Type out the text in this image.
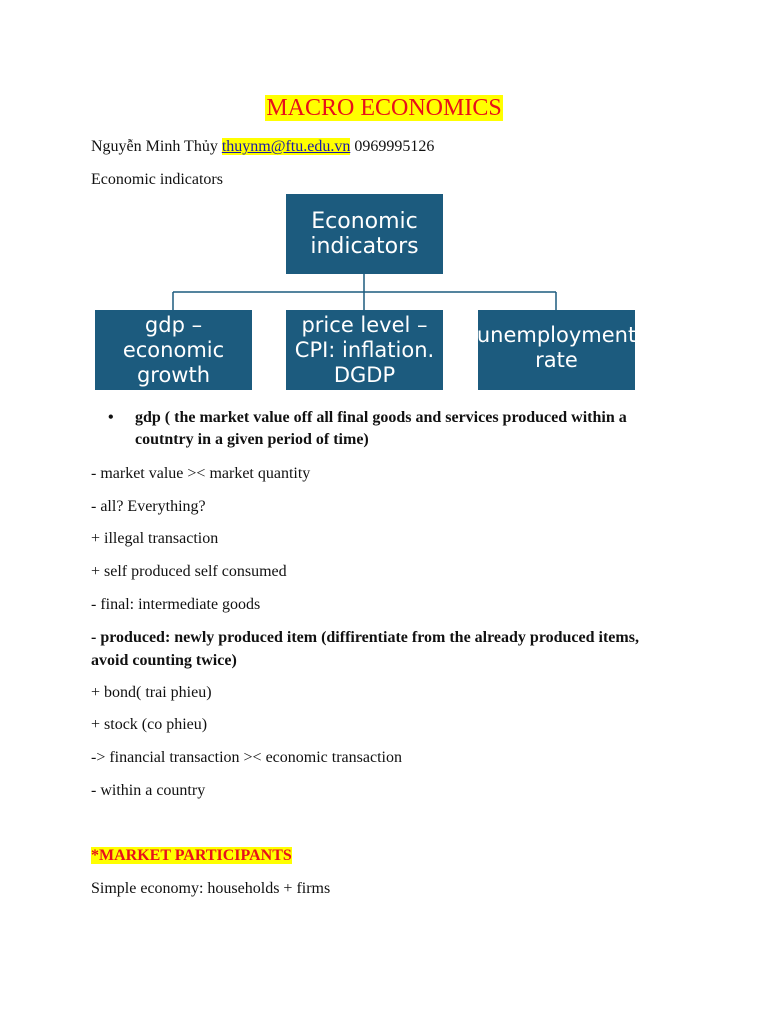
MACRO ECONOMICS
Nguyễn Minh Thủy thuynm@ftu.edu.vn 0969995126
Economic indicators
Economic indicators
gdp – economic growth
price level – CPI: inflation. DGDP
unemployment rate
• gdp ( the market value off all final goods and services produced within a coutntry in a given period of time)
- market value >< market quantity
- all? Everything?
+ illegal transaction
+ self produced self consumed
- final: intermediate goods
- produced: newly produced item (diffirentiate from the already produced items, avoid counting twice)
+ bond( trai phieu)
+ stock (co phieu)
-> financial transaction >< economic transaction
- within a country
*MARKET PARTICIPANTS
Simple economy: households + firms
